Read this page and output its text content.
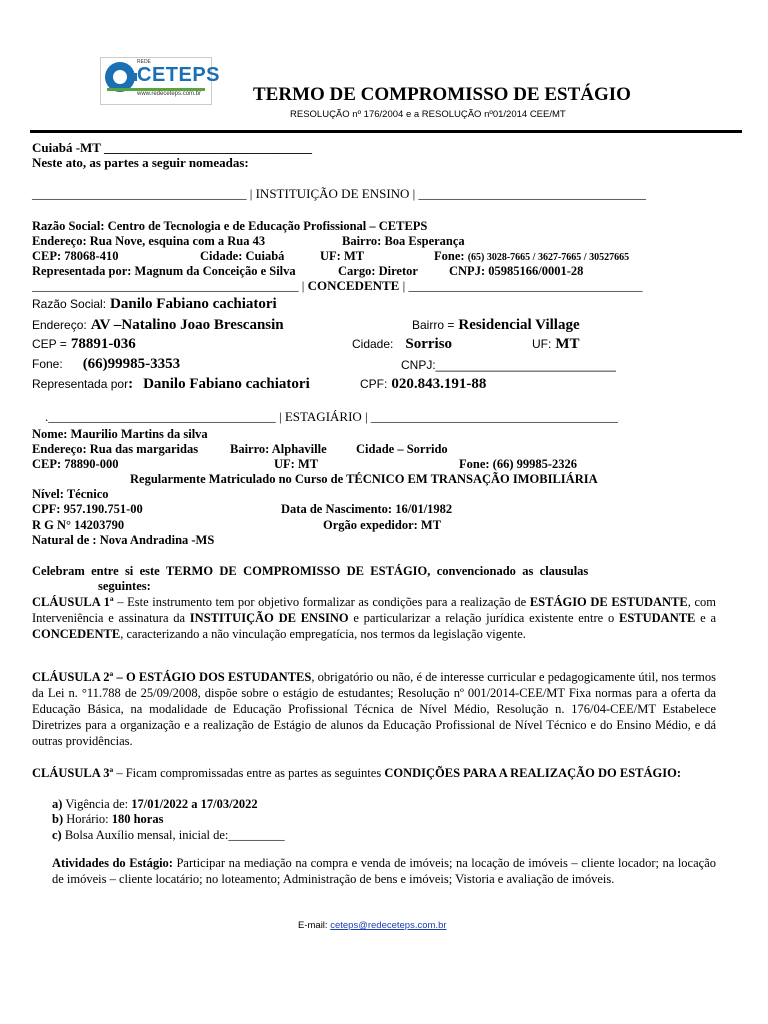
REDE
CETEPS
www.redeceteps.com.br	TERMO DE COMPROMISSO DE ESTÁGIO
RESOLUÇÃO nº 176/2004 e a RESOLUÇÃO nº01/2014 CEE/MT
Cuiabá -MT ________________________________
Neste ato, as partes a seguir nomeadas:
_________________________________ | INSTITUIÇÃO DE ENSINO | ___________________________________
Razão Social: Centro de Tecnologia e de Educação Profissional – CETEPS
Endereço: Rua Nove, esquina com a Rua 43	Bairro: Boa Esperança
CEP: 78068-410	Cidade: Cuiabá	UF: MT	Fone: (65) 3028-7665 / 3627-7665 / 30527665
Representada por: Magnum da Conceição e Silva	Cargo: Diretor CNPJ: 05985166/0001-28
_________________________________________ | CONCEDENTE | ____________________________________
Razão Social: Danilo Fabiano cachiatori
Endereço: AV –Natalino Joao Brescansin	Bairro = Residencial Village
CEP = 78891-036	Cidade: Sorriso	UF: MT
Fone: (66)99985-3353	CNPJ:___________________________
Representada por: Danilo Fabiano cachiatori	CPF: 020.843.191-88
.___________________________________ | ESTAGIÁRIO | ______________________________________
Nome: Maurilio Martins da silva
Endereço: Rua das margaridas	Bairro: Alphaville Cidade – Sorrido
CEP: 78890-000	UF: MT	Fone: (66) 99985-2326
Regularmente Matriculado no Curso de TÉCNICO EM TRANSAÇÃO IMOBILIÁRIA
Nível: Técnico
CPF: 957.190.751-00	Data de Nascimento: 16/01/1982
R G N° 14203790	Orgão expedidor: MT
Natural de : Nova Andradina -MS
Celebram entre si este TERMO DE COMPROMISSO DE ESTÁGIO, convencionado as clausulas
seguintes:
CLÁUSULA 1ª – Este instrumento tem por objetivo formalizar as condições para a realização de ESTÁGIO DE ESTUDANTE, com Interveniência e assinatura da INSTITUIÇÃO DE ENSINO e particularizar a relação jurídica existente entre o ESTUDANTE e a CONCEDENTE, caracterizando a não vinculação empregatícia, nos termos da legislação vigente.
CLÁUSULA 2ª – O ESTÁGIO DOS ESTUDANTES, obrigatório ou não, é de interesse curricular e pedagogicamente útil, nos termos da Lei n. °11.788 de 25/09/2008, dispõe sobre o estágio de estudantes; Resolução nº 001/2014-CEE/MT Fixa normas para a oferta da Educação Básica, na modalidade de Educação Profissional Técnica de Nível Médio, Resolução n. 176/04-CEE/MT Estabelece Diretrizes para a organização e a realização de Estágio de alunos da Educação Profissional de Nível Técnico e do Ensino Médio, e dá outras providências.
CLÁUSULA 3ª – Ficam compromissadas entre as partes as seguintes CONDIÇÕES PARA A REALIZAÇÃO DO ESTÁGIO:
a) Vigência de: 17/01/2022 a 17/03/2022
b) Horário: 180 horas
c) Bolsa Auxílio mensal, inicial de:_________
Atividades do Estágio: Participar na mediação na compra e venda de imóveis; na locação de imóveis – cliente locador; na locação de imóveis – cliente locatário; no loteamento; Administração de bens e imóveis; Vistoria e avaliação de imóveis.
E-mail: ceteps@redeceteps.com.br
